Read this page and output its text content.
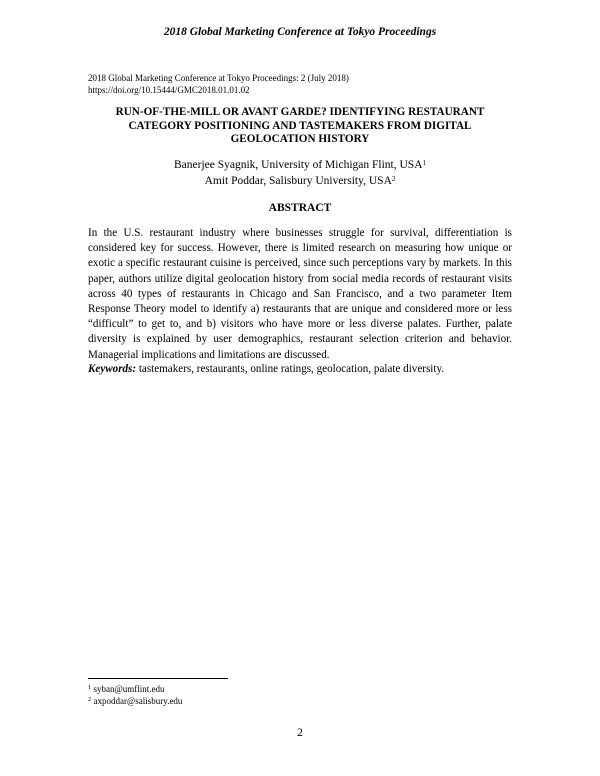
2018 Global Marketing Conference at Tokyo Proceedings
2018 Global Marketing Conference at Tokyo Proceedings: 2 (July 2018)
https://doi.org/10.15444/GMC2018.01.01.02
RUN-OF-THE-MILL OR AVANT GARDE? IDENTIFYING RESTAURANT
CATEGORY POSITIONING AND TASTEMAKERS FROM DIGITAL
GEOLOCATION HISTORY
Banerjee Syagnik, University of Michigan Flint, USA$^1$
Amit Poddar, Salisbury University, USA$^2$
ABSTRACT
In the U.S. restaurant industry where businesses struggle for survival, differentiation is considered key for success. However, there is limited research on measuring how unique or exotic a specific restaurant cuisine is perceived, since such perceptions vary by markets. In this paper, authors utilize digital geolocation history from social media records of restaurant visits across 40 types of restaurants in Chicago and San Francisco, and a two parameter Item Response Theory model to identify a) restaurants that are unique and considered more or less “difficult” to get to, and b) visitors who have more or less diverse palates. Further, palate diversity is explained by user demographics, restaurant selection criterion and behavior. Managerial implications and limitations are discussed.
Keywords: tastemakers, restaurants, online ratings, geolocation, palate diversity.
$^1$ syban@umflint.edu
$^2$ axpoddar@salisbury.edu
2
